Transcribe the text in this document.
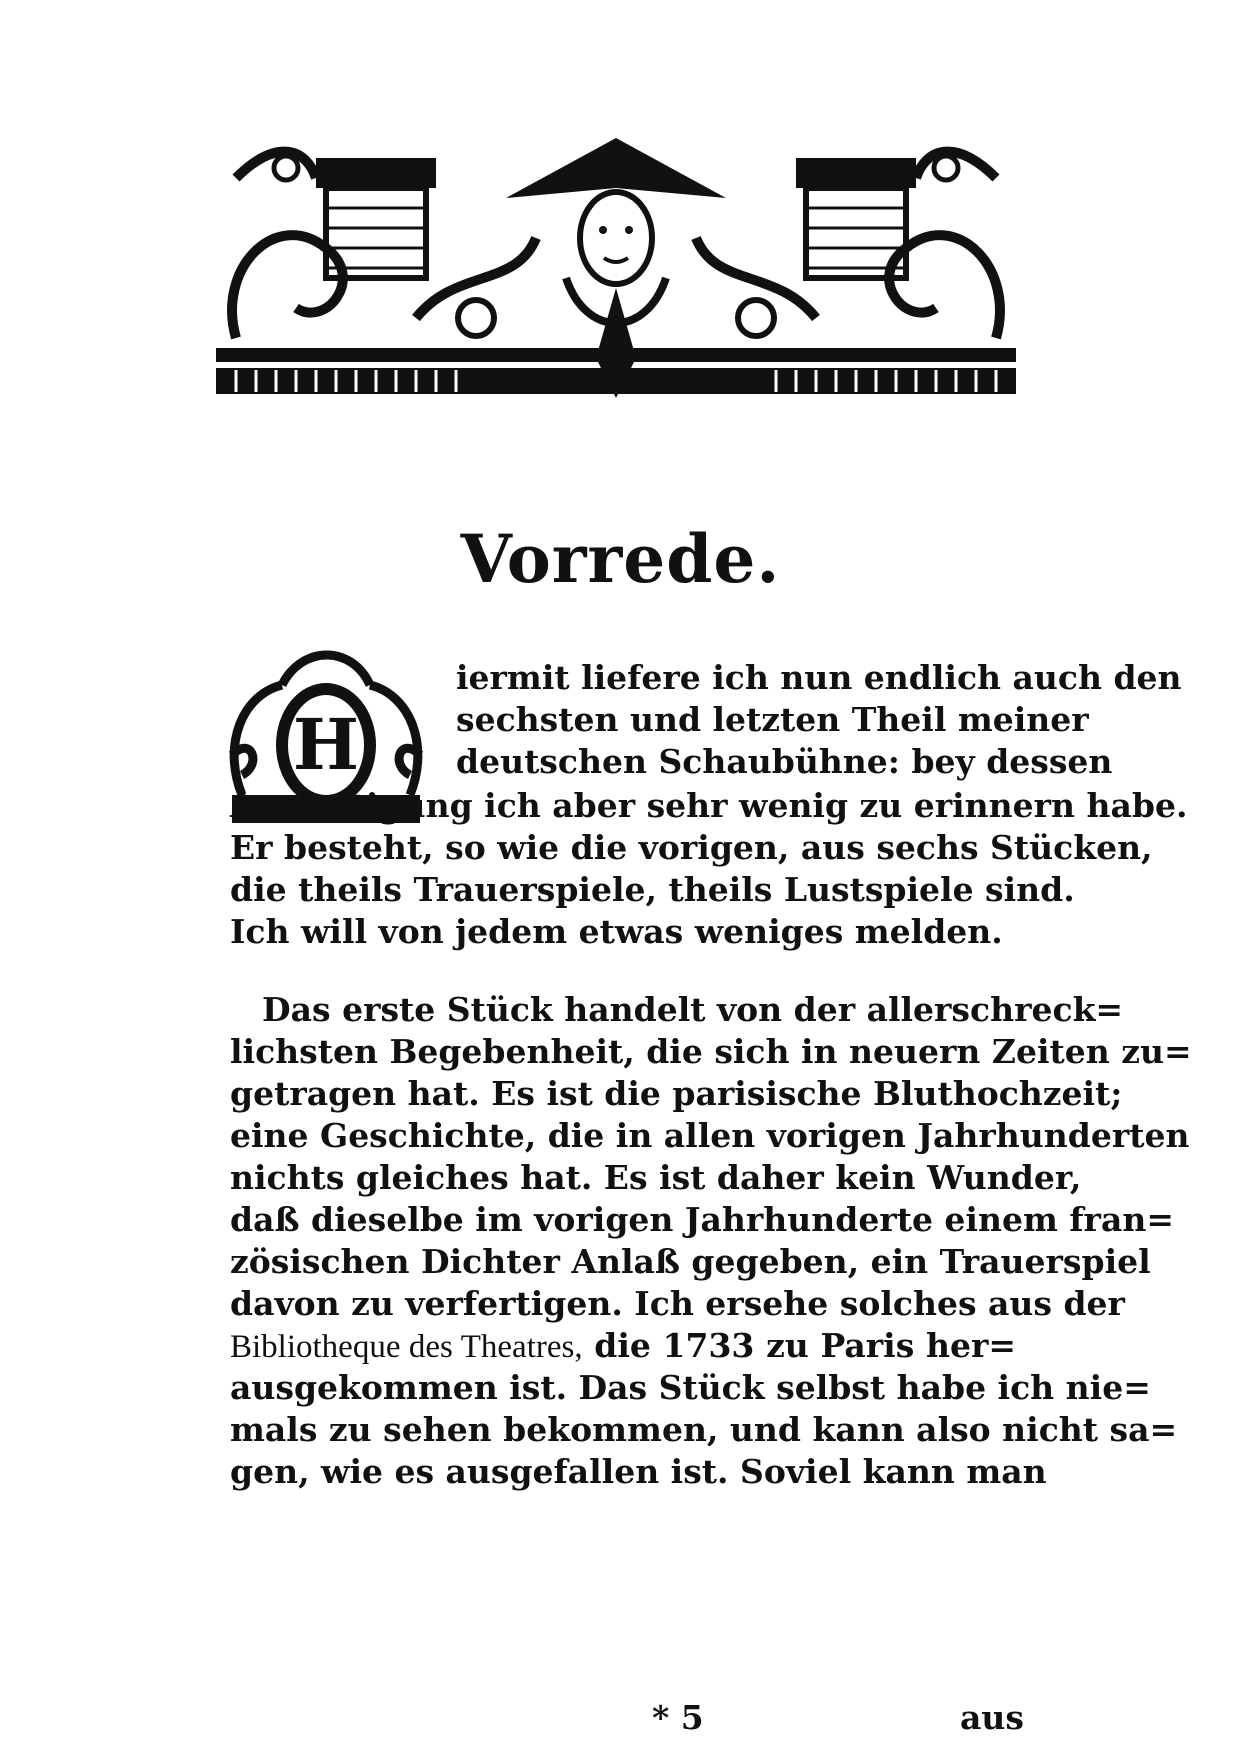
Vorrede.
H
iermit liefere ich nun endlich auch den
sechsten und letzten Theil meiner
deutschen Schaubühne: bey dessen
Ausfertigung ich aber sehr wenig zu erinnern habe.
Er besteht, so wie die vorigen, aus sechs Stücken,
die theils Trauerspiele, theils Lustspiele sind.
Ich will von jedem etwas weniges melden.
Das erste Stück handelt von der allerschreck=
lichsten Begebenheit, die sich in neuern Zeiten zu=
getragen hat. Es ist die parisische Bluthochzeit;
eine Geschichte, die in allen vorigen Jahrhunderten
nichts gleiches hat. Es ist daher kein Wunder,
daß dieselbe im vorigen Jahrhunderte einem fran=
zösischen Dichter Anlaß gegeben, ein Trauerspiel
davon zu verfertigen. Ich ersehe solches aus der
Bibliotheque des Theatres, die 1733 zu Paris her=
ausgekommen ist. Das Stück selbst habe ich nie=
mals zu sehen bekommen, und kann also nicht sa=
gen, wie es ausgefallen ist. Soviel kann man
* 5	aus
